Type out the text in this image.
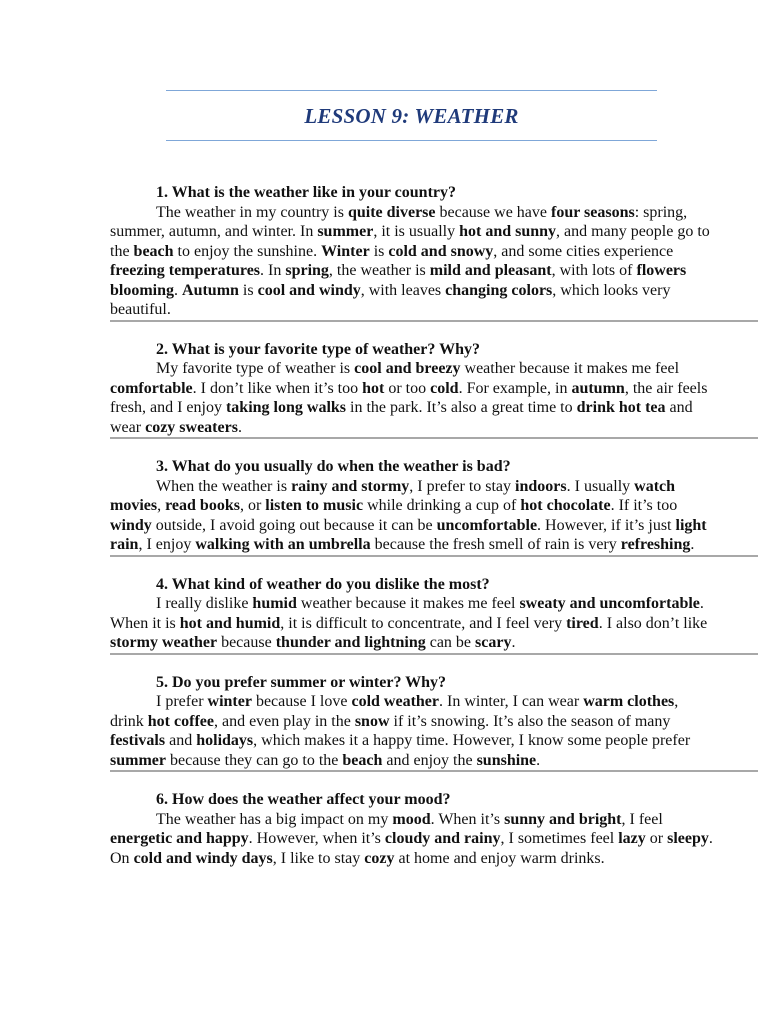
LESSON 9: WEATHER
1. What is the weather like in your country?

The weather in my country is quite diverse because we have four seasons: spring, summer, autumn, and winter. In summer, it is usually hot and sunny, and many people go to the beach to enjoy the sunshine. Winter is cold and snowy, and some cities experience freezing temperatures. In spring, the weather is mild and pleasant, with lots of flowers blooming. Autumn is cool and windy, with leaves changing colors, which looks very beautiful.

2. What is your favorite type of weather? Why?

My favorite type of weather is cool and breezy weather because it makes me feel comfortable. I don’t like when it’s too hot or too cold. For example, in autumn, the air feels fresh, and I enjoy taking long walks in the park. It’s also a great time to drink hot tea and wear cozy sweaters.

3. What do you usually do when the weather is bad?

When the weather is rainy and stormy, I prefer to stay indoors. I usually watch movies, read books, or listen to music while drinking a cup of hot chocolate. If it’s too windy outside, I avoid going out because it can be uncomfortable. However, if it’s just light rain, I enjoy walking with an umbrella because the fresh smell of rain is very refreshing.

4. What kind of weather do you dislike the most?

I really dislike humid weather because it makes me feel sweaty and uncomfortable. When it is hot and humid, it is difficult to concentrate, and I feel very tired. I also don’t like stormy weather because thunder and lightning can be scary.

5. Do you prefer summer or winter? Why?

I prefer winter because I love cold weather. In winter, I can wear warm clothes, drink hot coffee, and even play in the snow if it’s snowing. It’s also the season of many festivals and holidays, which makes it a happy time. However, I know some people prefer summer because they can go to the beach and enjoy the sunshine.

6. How does the weather affect your mood?

The weather has a big impact on my mood. When it’s sunny and bright, I feel energetic and happy. However, when it’s cloudy and rainy, I sometimes feel lazy or sleepy. On cold and windy days, I like to stay cozy at home and enjoy warm drinks.
